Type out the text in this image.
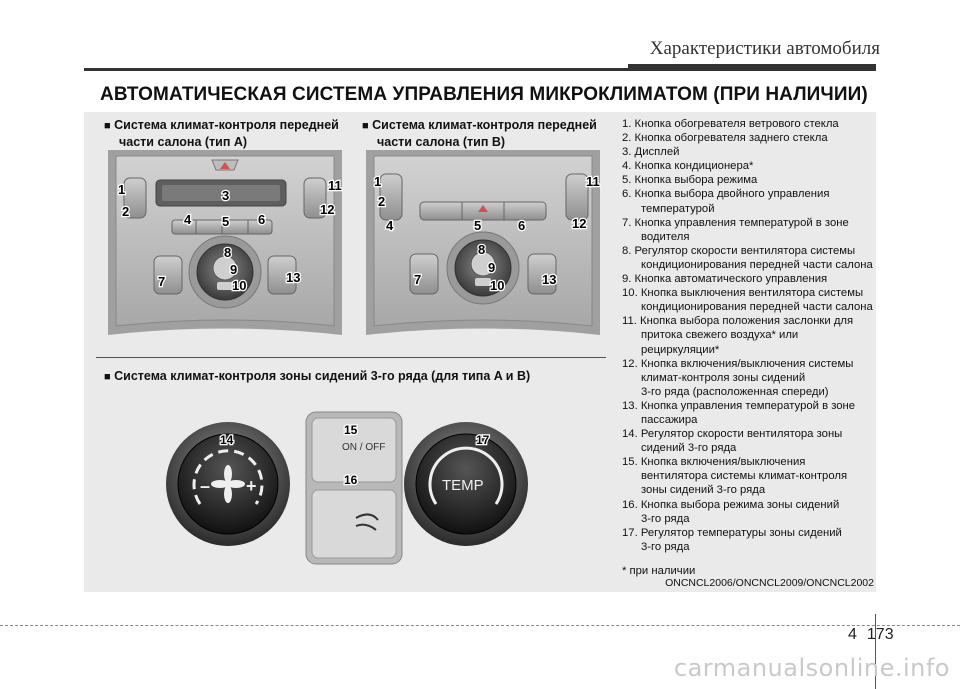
Характеристики автомобиля
АВТОМАТИЧЕСКАЯ СИСТЕМА УПРАВЛЕНИЯ МИКРОКЛИМАТОМ (ПРИ НАЛИЧИИ)
■ Система климат-контроля передней
части салона (тип A)
■ Система климат-контроля передней
части салона (тип B)
1
2
3
4 5 6
7
8
9
10
11
12
13
1
2
4	5	6
7
8
9
10
11
12
13
■ Система климат-контроля зоны сидений 3-го ряда (для типа A и B)
– +
ON / OFF
TEMP
14
15
16
17
1. Кнопка обогревателя ветрового стекла
2. Кнопка обогревателя заднего стекла
3. Дисплей
4. Кнопка кондиционера*
5. Кнопка выбора режима
6. Кнопка выбора двойного управления
температурой
7. Кнопка управления температурой в зоне
водителя
8. Регулятор скорости вентилятора системы
кондиционирования передней части салона
9. Кнопка автоматического управления
10. Кнопка выключения вентилятора системы
кондиционирования передней части салона
11. Кнопка выбора положения заслонки для
притока свежего воздуха* или
рециркуляции*
12. Кнопка включения/выключения системы
климат-контроля зоны сидений
3-го ряда (расположенная спереди)
13. Кнопка управления температурой в зоне
пассажира
14. Регулятор скорости вентилятора зоны
сидений 3-го ряда
15. Кнопка включения/выключения
вентилятора системы климат-контроля
зоны сидений 3-го ряда
16. Кнопка выбора режима зоны сидений
3-го ряда
17. Регулятор температуры зоны сидений
3-го ряда
* при наличии
ONCNCL2006/ONCNCL2009/ONCNCL2002
4 173
carmanualsonline.info
